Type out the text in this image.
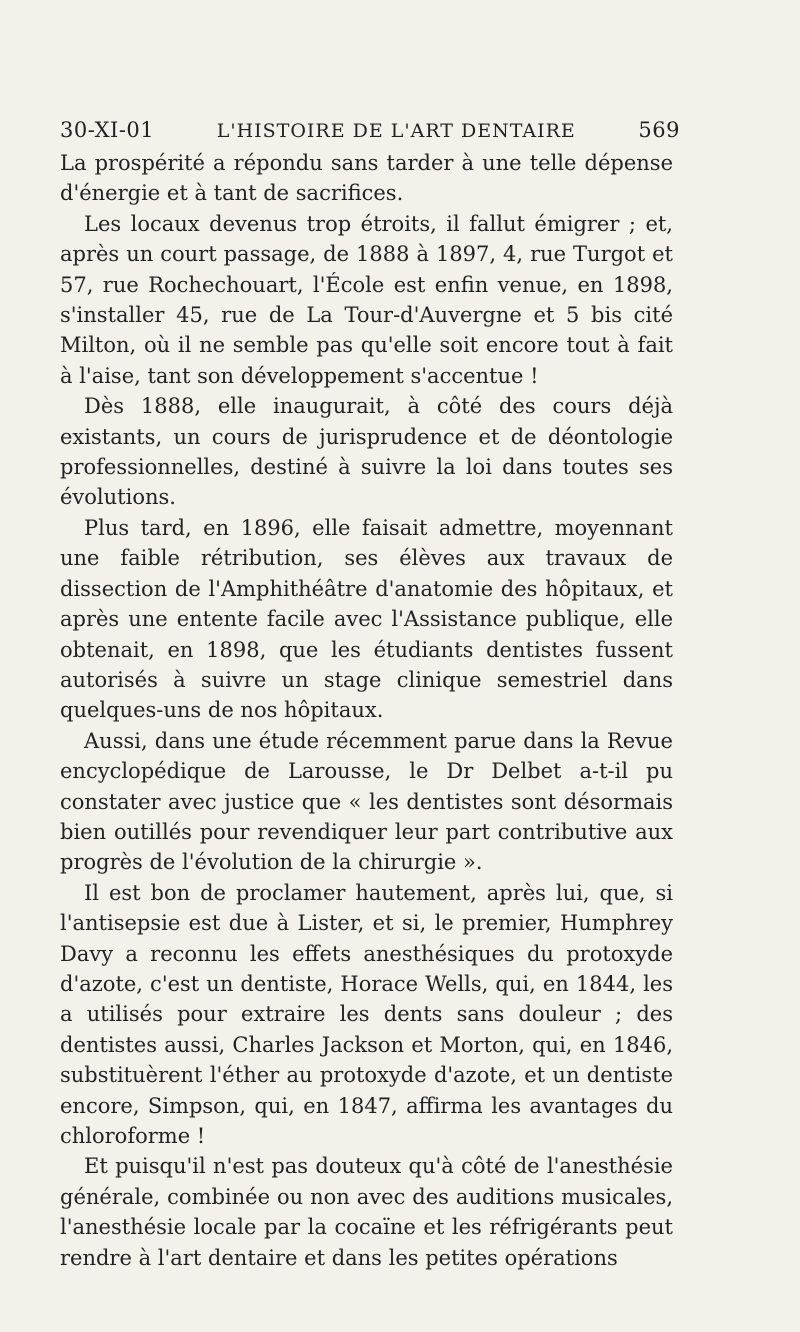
30-XI-01	L'HISTOIRE DE L'ART DENTAIRE	569

La prospérité a répondu sans tarder à une telle dépense d'énergie et à tant de sacrifices.

Les locaux devenus trop étroits, il fallut émigrer ; et, après un court passage, de 1888 à 1897, 4, rue Turgot et 57, rue Rochechouart, l'École est enfin venue, en 1898, s'installer 45, rue de La Tour-d'Auvergne et 5 bis cité Milton, où il ne semble pas qu'elle soit encore tout à fait à l'aise, tant son développement s'accentue !

Dès 1888, elle inaugurait, à côté des cours déjà existants, un cours de jurisprudence et de déontologie professionnelles, destiné à suivre la loi dans toutes ses évolutions.

Plus tard, en 1896, elle faisait admettre, moyennant une faible rétribution, ses élèves aux travaux de dissection de l'Amphithéâtre d'anatomie des hôpitaux, et après une entente facile avec l'Assistance publique, elle obtenait, en 1898, que les étudiants dentistes fussent autorisés à suivre un stage clinique semestriel dans quelques-uns de nos hôpitaux.

Aussi, dans une étude récemment parue dans la Revue encyclopédique de Larousse, le Dr Delbet a-t-il pu constater avec justice que « les dentistes sont désormais bien outillés pour revendiquer leur part contributive aux progrès de l'évolution de la chirurgie ».

Il est bon de proclamer hautement, après lui, que, si l'antisepsie est due à Lister, et si, le premier, Humphrey Davy a reconnu les effets anesthésiques du protoxyde d'azote, c'est un dentiste, Horace Wells, qui, en 1844, les a utilisés pour extraire les dents sans douleur ; des dentistes aussi, Charles Jackson et Morton, qui, en 1846, substituèrent l'éther au protoxyde d'azote, et un dentiste encore, Simpson, qui, en 1847, affirma les avantages du chloroforme !

Et puisqu'il n'est pas douteux qu'à côté de l'anesthésie générale, combinée ou non avec des auditions musicales, l'anesthésie locale par la cocaïne et les réfrigérants peut rendre à l'art dentaire et dans les petites opérations
